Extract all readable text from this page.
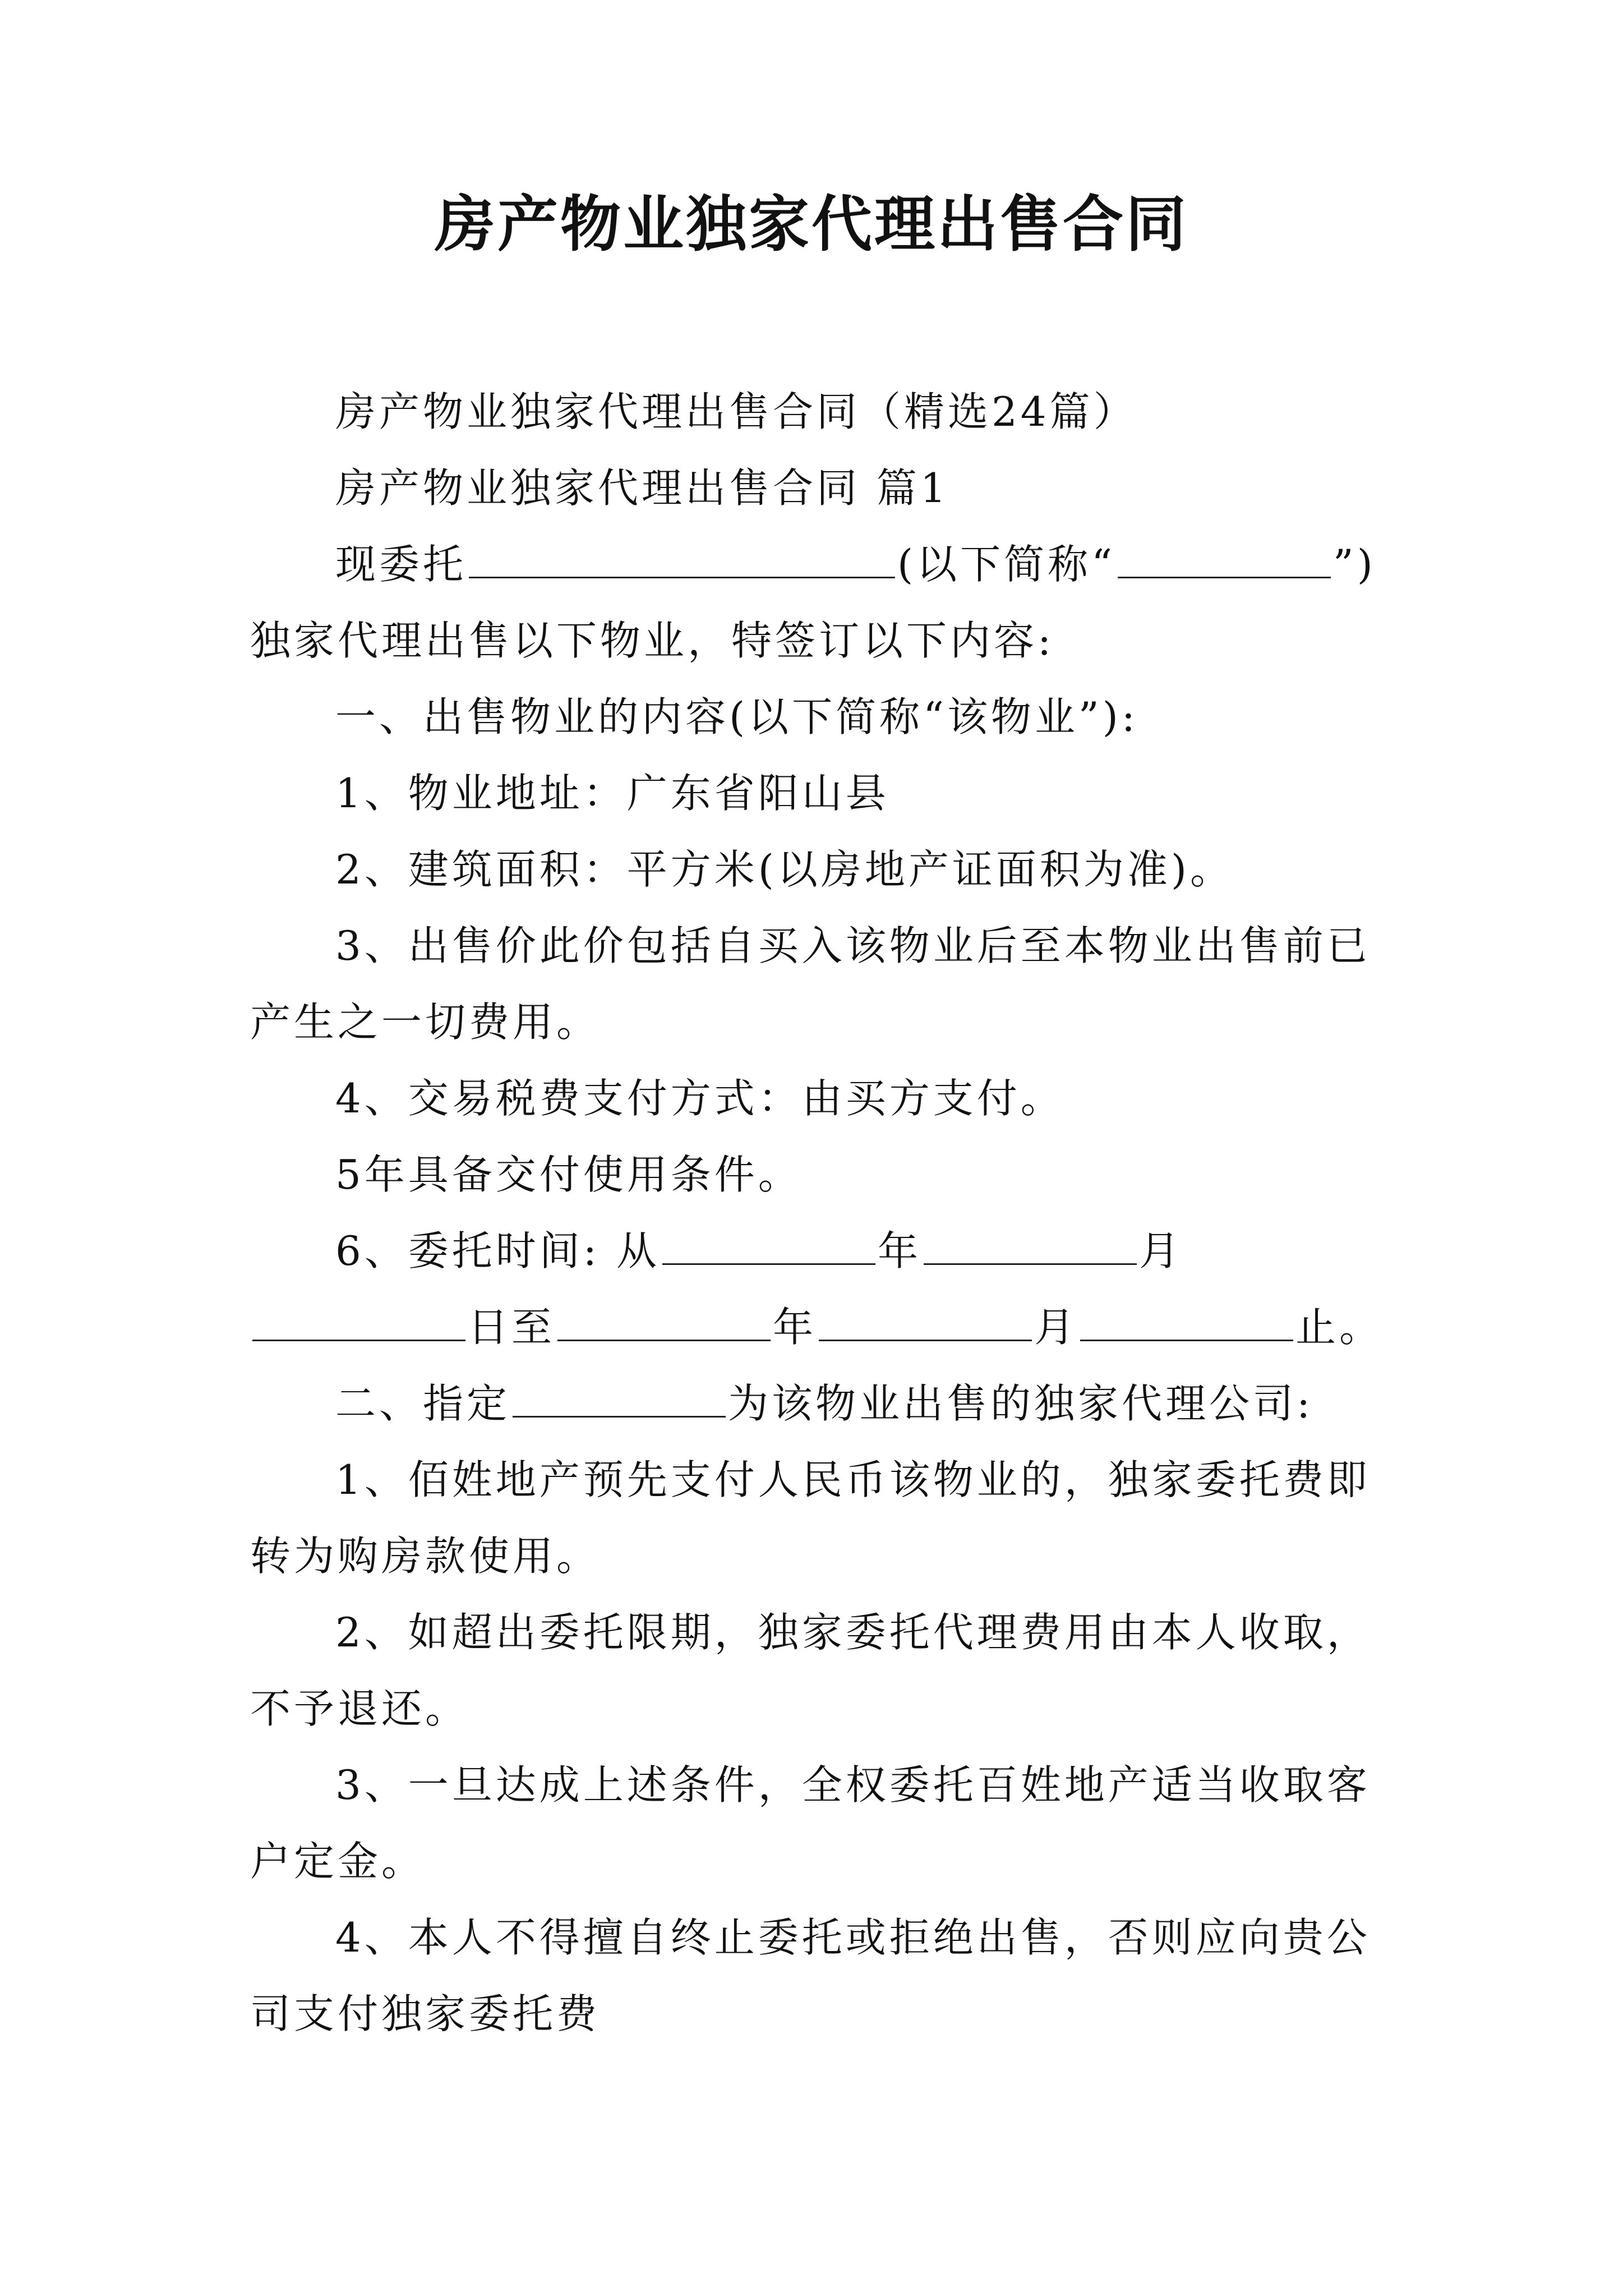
房产物业独家代理出售合同

房产物业独家代理出售合同（精选24篇）

房产物业独家代理出售合同 篇1

现委托	(以下简称“	”)独家代理出售以下物业，特签订以下内容:

一、出售物业的内容(以下简称“该物业”):

1、物业地址：广东省阳山县

2、建筑面积：平方米(以房地产证面积为准)。

3、出售价此价包括自买入该物业后至本物业出售前已产生之一切费用。

4、交易税费支付方式：由买方支付。

5年具备交付使用条件。

6、委托时间: 从	年	月日至	年	月	止。

二、指定	为该物业出售的独家代理公司:

1、佰姓地产预先支付人民币该物业的，独家委托费即转为购房款使用。

2、如超出委托限期，独家委托代理费用由本人收取，不予退还。

3、一旦达成上述条件，全权委托百姓地产适当收取客户定金。

4、本人不得擅自终止委托或拒绝出售，否则应向贵公司支付独家委托费
